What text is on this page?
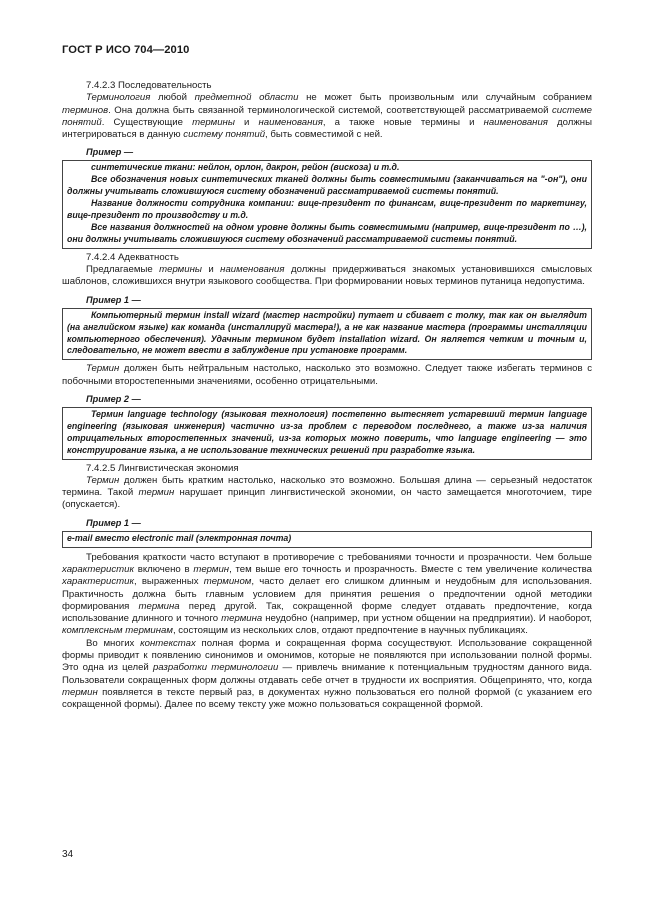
ГОСТ Р ИСО 704—2010

7.4.2.3 Последовательность

Терминология любой предметной области не может быть произвольным или случайным собранием терминов. Она должна быть связанной терминологической системой, соответствующей рассматриваемой системе понятий. Существующие термины и наименования, а также новые термины и наименования должны интегрироваться в данную систему понятий, быть совместимой с ней.

Пример —

синтетические ткани: нейлон, орлон, дакрон, рейон (вискоза) и т.д.

Все обозначения новых синтетических тканей должны быть совместимыми (заканчиваться на "-он"), они должны учитывать сложившуюся систему обозначений рассматриваемой системы понятий.

Название должности сотрудника компании: вице-президент по финансам, вице-президент по маркетингу, вице-президент по производству и т.д.

Все названия должностей на одном уровне должны быть совместимыми (например, вице-президент по …), они должны учитывать сложившуюся систему обозначений рассматриваемой системы понятий.

7.4.2.4 Адекватность

Предлагаемые термины и наименования должны придерживаться знакомых установившихся смысловых шаблонов, сложившихся внутри языкового сообщества. При формировании новых терминов путаница недопустима.

Пример 1 —

Компьютерный термин install wizard (мастер настройки) путает и сбивает с толку, так как он выглядит (на английском языке) как команда (инсталлируй мастера!), а не как название мастера (программы инсталляции компьютерного обеспечения). Удачным термином будет installation wizard. Он является четким и точным и, следовательно, не может ввести в заблуждение при установке программ.

Термин должен быть нейтральным настолько, насколько это возможно. Следует также избегать терминов с побочными второстепенными значениями, особенно отрицательными.

Пример 2 —

Термин language technology (языковая технология) постепенно вытесняет устаревший термин language engineering (языковая инженерия) частично из-за проблем с переводом последнего, а также из-за наличия отрицательных второстепенных значений, из-за которых можно поверить, что language engineering — это конструирование языка, а не использование технических решений при разработке языка.

7.4.2.5 Лингвистическая экономия

Термин должен быть кратким настолько, насколько это возможно. Большая длина — серьезный недостаток термина. Такой термин нарушает принцип лингвистической экономии, он часто замещается многоточием, тире (опускается).

Пример 1 —

e-mail вместо electronic mail (электронная почта)

Требования краткости часто вступают в противоречие с требованиями точности и прозрачности. Чем больше характеристик включено в термин, тем выше его точность и прозрачность. Вместе с тем увеличение количества характеристик, выраженных термином, часто делает его слишком длинным и неудобным для использования. Практичность должна быть главным условием для принятия решения о предпочтении одной методики формирования термина перед другой. Так, сокращенной форме следует отдавать предпочтение, когда использование длинного и точного термина неудобно (например, при устном общении на предприятии). И наоборот, комплексным терминам, состоящим из нескольких слов, отдают предпочтение в научных публикациях.

Во многих контекстах полная форма и сокращенная форма сосуществуют. Использование сокращенной формы приводит к появлению синонимов и омонимов, которые не появляются при использовании полной формы. Это одна из целей разработки терминологии — привлечь внимание к потенциальным трудностям данного вида. Пользователи сокращенных форм должны отдавать себе отчет в трудности их восприятия. Общепринято, что, когда термин появляется в тексте первый раз, в документах нужно пользоваться его полной формой (с указанием его сокращенной формы). Далее по всему тексту уже можно пользоваться сокращенной формой.

34
